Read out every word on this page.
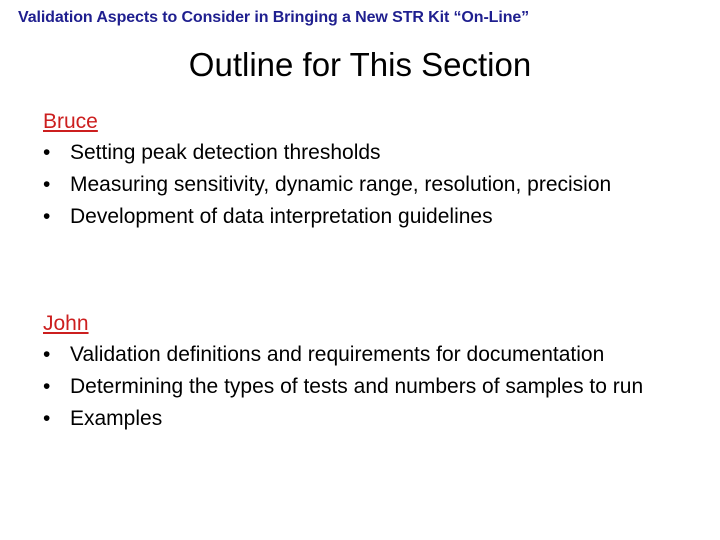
Validation Aspects to Consider in Bringing a New STR Kit “On-Line”
Outline for This Section
Bruce
• Setting peak detection thresholds
• Measuring sensitivity, dynamic range, resolution, precision
• Development of data interpretation guidelines
John
• Validation definitions and requirements for documentation
• Determining the types of tests and numbers of samples to run
• Examples
